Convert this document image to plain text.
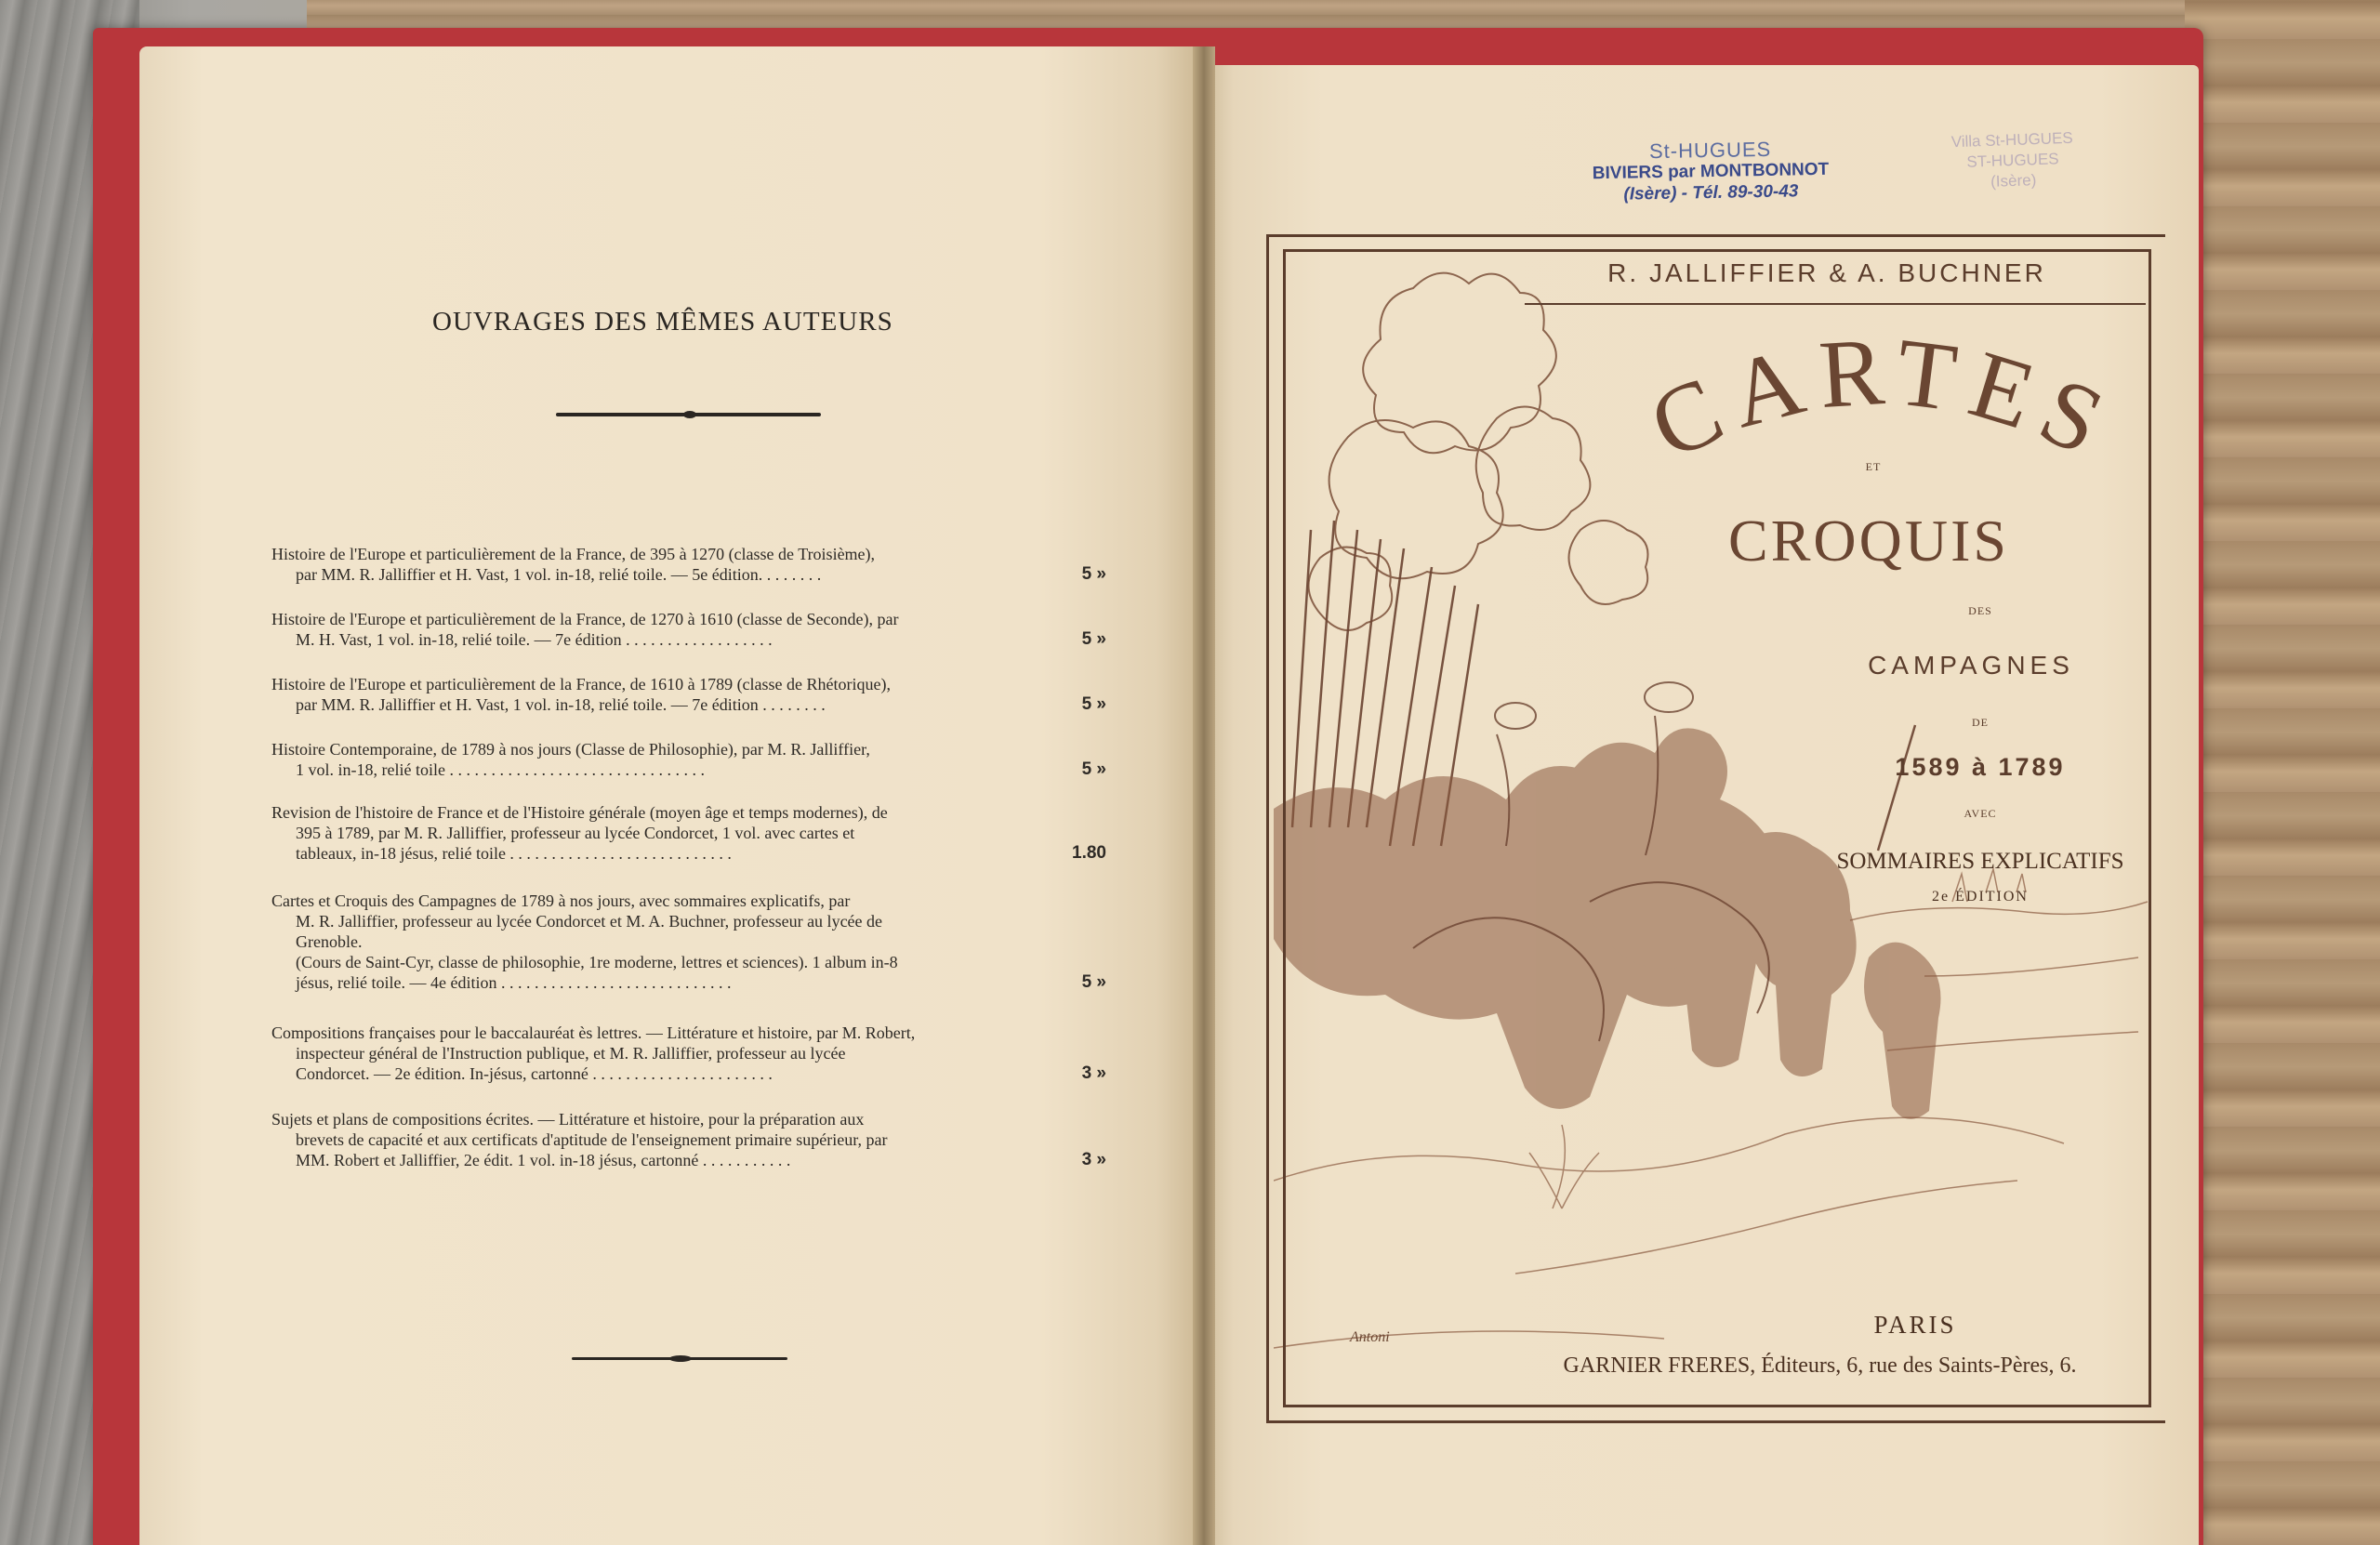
OUVRAGES DES MÊMES AUTEURS

Histoire de l'Europe et particulièrement de la France, de 395 à 1270 (classe de Troisième),

par MM. R. Jalliffier et H. Vast, 1 vol. in-18, relié toile. — 5e édition. . . . . . . .	5 »

Histoire de l'Europe et particulièrement de la France, de 1270 à 1610 (classe de Seconde), par

M. H. Vast, 1 vol. in-18, relié toile. — 7e édition . . . . . . . . . . . . . . . . . .	5 »

Histoire de l'Europe et particulièrement de la France, de 1610 à 1789 (classe de Rhétorique),

par MM. R. Jalliffier et H. Vast, 1 vol. in-18, relié toile. — 7e édition . . . . . . . .	5 »

Histoire Contemporaine, de 1789 à nos jours (Classe de Philosophie), par M. R. Jalliffier,

1 vol. in-18, relié toile . . . . . . . . . . . . . . . . . . . . . . . . . . . . . . .	5 »

Revision de l'histoire de France et de l'Histoire générale (moyen âge et temps modernes), de

395 à 1789, par M. R. Jalliffier, professeur au lycée Condorcet, 1 vol. avec cartes et

tableaux, in-18 jésus, relié toile . . . . . . . . . . . . . . . . . . . . . . . . . . .	1.80

Cartes et Croquis des Campagnes de 1789 à nos jours, avec sommaires explicatifs, par

M. R. Jalliffier, professeur au lycée Condorcet et M. A. Buchner, professeur au lycée de

Grenoble.

(Cours de Saint-Cyr, classe de philosophie, 1re moderne, lettres et sciences). 1 album in-8

jésus, relié toile. — 4e édition . . . . . . . . . . . . . . . . . . . . . . . . . . . .	5 »

Compositions françaises pour le baccalauréat ès lettres. — Littérature et histoire, par M. Robert,

inspecteur général de l'Instruction publique, et M. R. Jalliffier, professeur au lycée

Condorcet. — 2e édition. In-jésus, cartonné . . . . . . . . . . . . . . . . . . . . . .	3 »

Sujets et plans de compositions écrites. — Littérature et histoire, pour la préparation aux

brevets de capacité et aux certificats d'aptitude de l'enseignement primaire supérieur, par

MM. Robert et Jalliffier, 2e édit. 1 vol. in-18 jésus, cartonné . . . . . . . . . . .	3 »
St-HUGUES
BIVIERS par MONTBONNOT
(Isère) - Tél. 89-30-43
Villa St-HUGUES
ST-HUGUES
(Isère)
R. JALLIFFIER & A. BUCHNER
CARTES
ET
CROQUIS
DES
CAMPAGNES
DE
1589 à 1789
AVEC
SOMMAIRES EXPLICATIFS
2e ÉDITION
Antoni	PARIS
GARNIER FRERES, Éditeurs, 6, rue des Saints-Pères, 6.
